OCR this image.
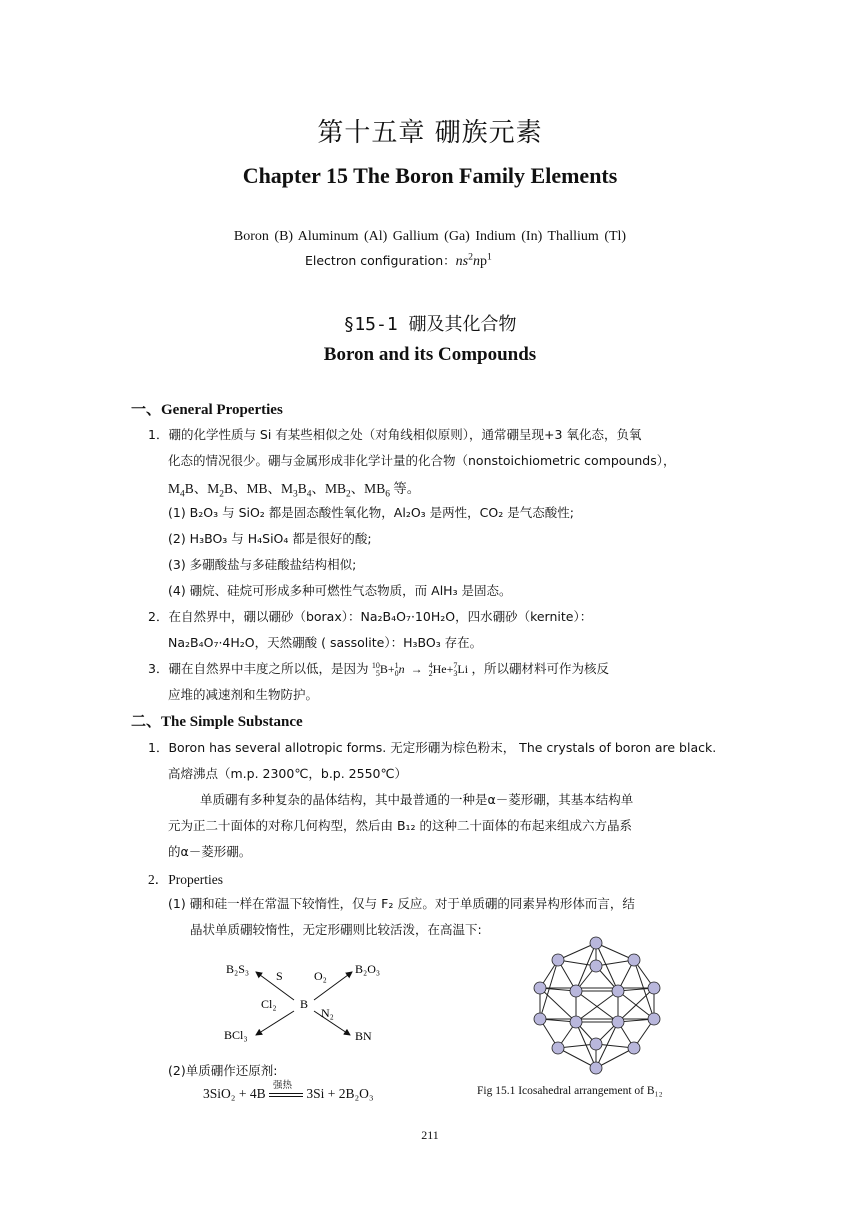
第十五章 硼族元素
Chapter 15 The Boron Family Elements
Boron (B) Aluminum (Al) Gallium (Ga) Indium (In) Thallium (Tl)
Electron configuration：$ns^2np^1$
§15-1 硼及其化合物
Boron and its Compounds
一、General Properties
1．硼的化学性质与 Si 有某些相似之处（对角线相似原则），通常硼呈现+3 氧化态，负氧
化态的情况很少。硼与金属形成非化学计量的化合物（nonstoichiometric compounds），
$M_4B$、$M_2B$、MB、$M_3B_4$、$MB_2$、$MB_6$ 等。
(1) B₂O₃ 与 SiO₂ 都是固态酸性氧化物，Al₂O₃ 是两性，CO₂ 是气态酸性;
(2) H₃BO₃ 与 H₄SiO₄ 都是很好的酸;
(3) 多硼酸盐与多硅酸盐结构相似;
(4) 硼烷、硅烷可形成多种可燃性气态物质，而 AlH₃ 是固态。
2．在自然界中，硼以硼砂（borax）：Na₂B₄O₇·10H₂O，四水硼砂（kernite）：
Na₂B₄O₇·4H₂O，天然硼酸 ( sassolite）：H₃BO₃ 存在。
3．硼在自然界中丰度之所以低，是因为 10
5 B+ 1
0 n  → 4
2 He+ 7
3 Li ，所以硼材料可作为核反
应堆的减速剂和生物防护。
二、The Simple Substance
1．Boron has several allotropic forms. 无定形硼为棕色粉末， The crystals of boron are black.
高熔沸点（m.p. 2300℃，b.p. 2550℃）
单质硼有多种复杂的晶体结构，其中最普通的一种是α－菱形硼，其基本结构单
元为正二十面体的对称几何构型，然后由 B₁₂ 的这种二十面体的布起来组成六方晶系
的α－菱形硼。
2．Properties
(1) 硼和硅一样在常温下较惰性，仅与 F₂ 反应。对于单质硼的同素异构形体而言，结
晶状单质硼较惰性，无定形硼则比较活泼，在高温下:
B
B₂S₃ S	B₂O₃
O₂
BCl₃
Cl₂
BN
N₂
(2)单质硼作还原剂:
3SiO₂ + 4B
强热
3Si + 2B₂O₃	Fig 15.1 Icosahedral arrangement of B₁₂
211
